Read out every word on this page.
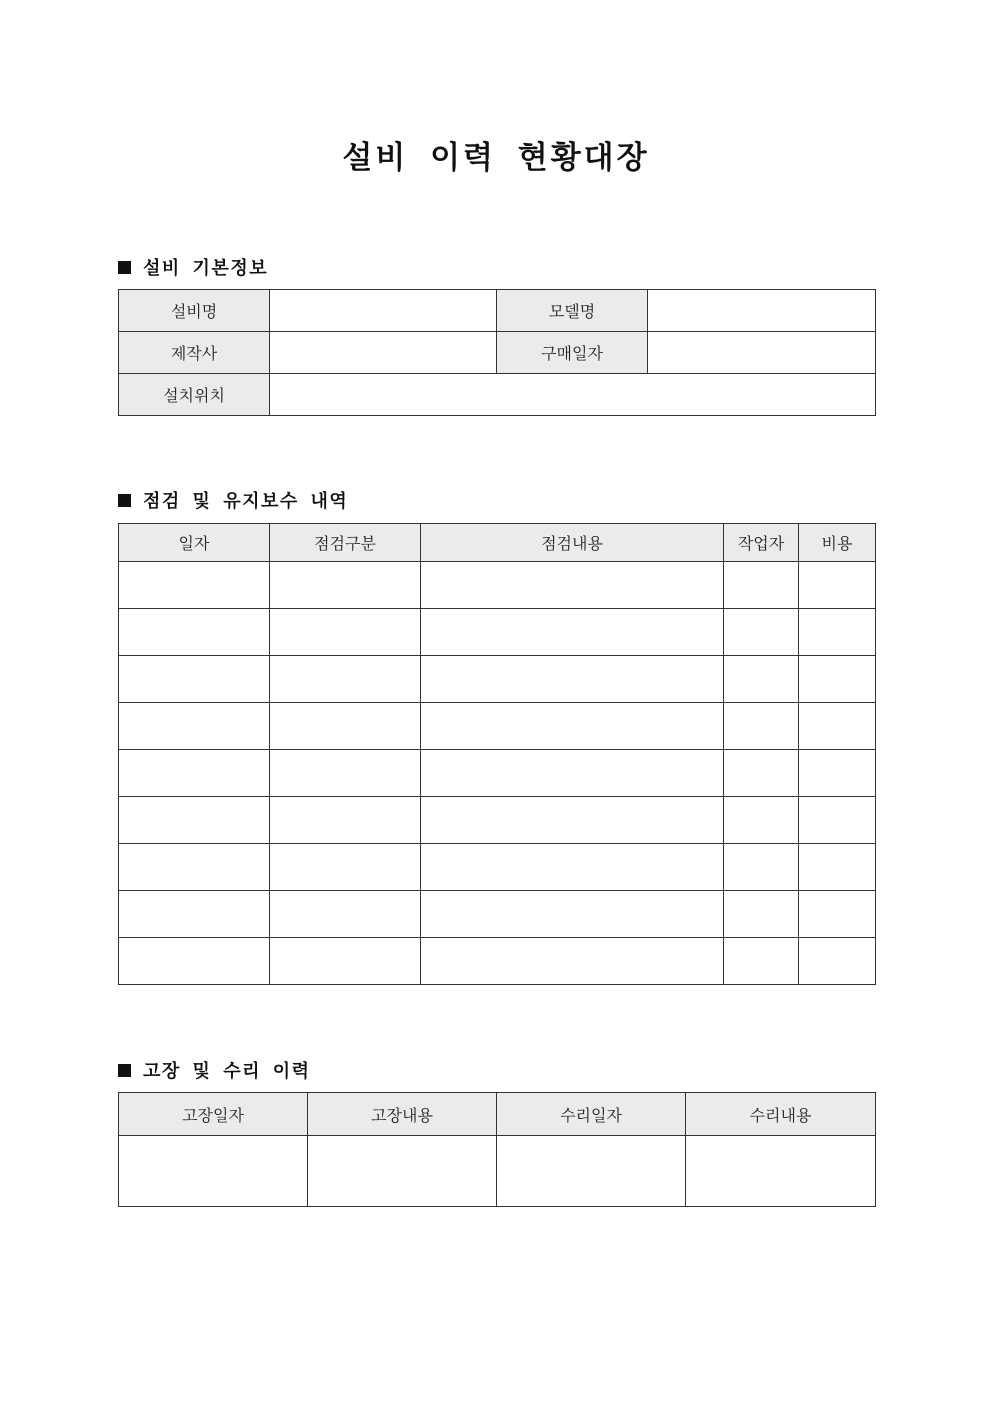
설비 이력 현황대장
설비 기본정보
설비명		모델명	
제작사		구매일자	
설치위치			
점검 및 유지보수 내역
일자	점검구분	점검내용	작업자	비용

고장 및 수리 이력
고장일자	고장내용	수리일자	수리내용
